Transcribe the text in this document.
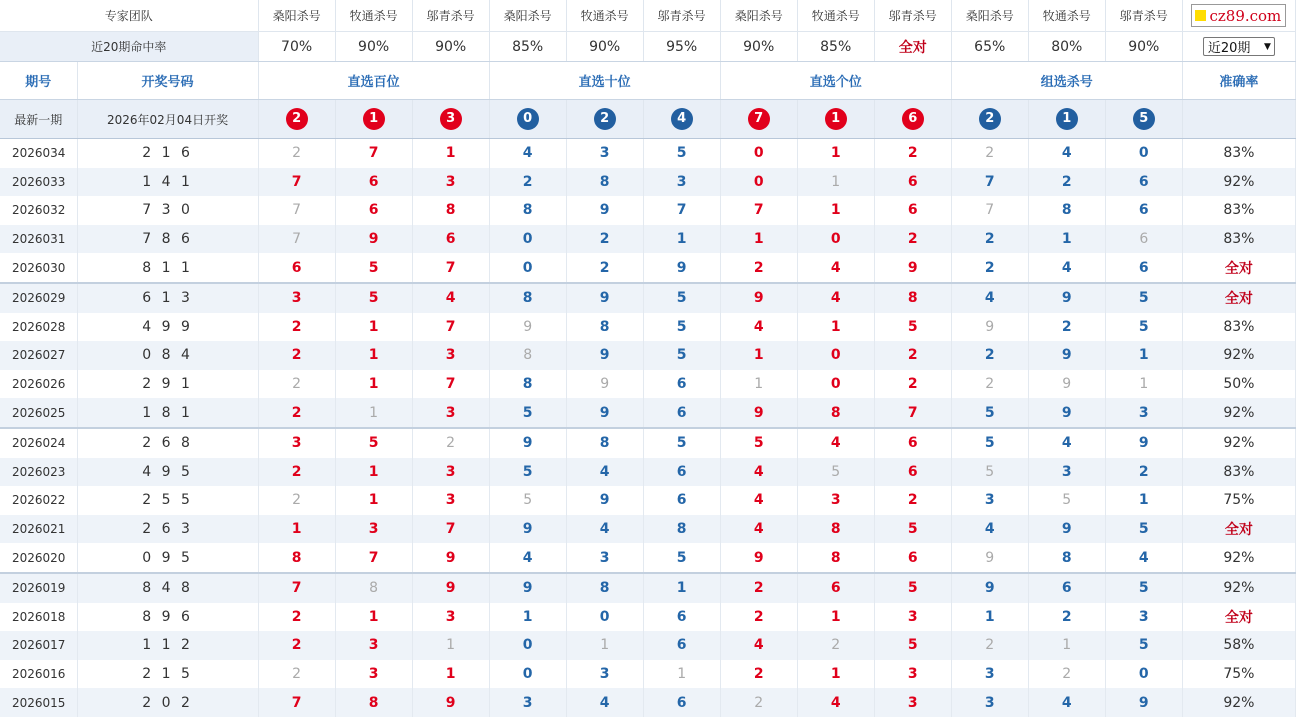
专家团队		桑阳杀号	牧通杀号	邬青杀号	桑阳杀号	牧通杀号	邬青杀号	桑阳杀号	牧通杀号	邬青杀号	桑阳杀号	牧通杀号	邬青杀号	cz89.com

近20期命中率		70%	90%	90%	85%	90%	95%	90%	85%	全对	65%	80%	90%	近20期 ▼

期号	开奖号码	直选百位			直选十位			直选个位			组选杀号			准确率
最新一期	2026年02月04日开奖	2	1	3	0	2	4	7	1	6	2	1	5	
2026034	2 1 6	2	7	1	4	3	5	0	1	2	2	4	0	83%
2026033	1 4 1	7	6	3	2	8	3	0	1	6	7	2	6	92%
2026032	7 3 0	7	6	8	8	9	7	7	1	6	7	8	6	83%
2026031	7 8 6	7	9	6	0	2	1	1	0	2	2	1	6	83%
2026030	8 1 1	6	5	7	0	2	9	2	4	9	2	4	6	全对
2026029	6 1 3	3	5	4	8	9	5	9	4	8	4	9	5	全对
2026028	4 9 9	2	1	7	9	8	5	4	1	5	9	2	5	83%
2026027	0 8 4	2	1	3	8	9	5	1	0	2	2	9	1	92%
2026026	2 9 1	2	1	7	8	9	6	1	0	2	2	9	1	50%
2026025	1 8 1	2	1	3	5	9	6	9	8	7	5	9	3	92%
2026024	2 6 8	3	5	2	9	8	5	5	4	6	5	4	9	92%
2026023	4 9 5	2	1	3	5	4	6	4	5	6	5	3	2	83%
2026022	2 5 5	2	1	3	5	9	6	4	3	2	3	5	1	75%
2026021	2 6 3	1	3	7	9	4	8	4	8	5	4	9	5	全对
2026020	0 9 5	8	7	9	4	3	5	9	8	6	9	8	4	92%
2026019	8 4 8	7	8	9	9	8	1	2	6	5	9	6	5	92%
2026018	8 9 6	2	1	3	1	0	6	2	1	3	1	2	3	全对
2026017	1 1 2	2	3	1	0	1	6	4	2	5	2	1	5	58%
2026016	2 1 5	2	3	1	0	3	1	2	1	3	3	2	0	75%
2026015	2 0 2	7	8	9	3	4	6	2	4	3	3	4	9	92%
